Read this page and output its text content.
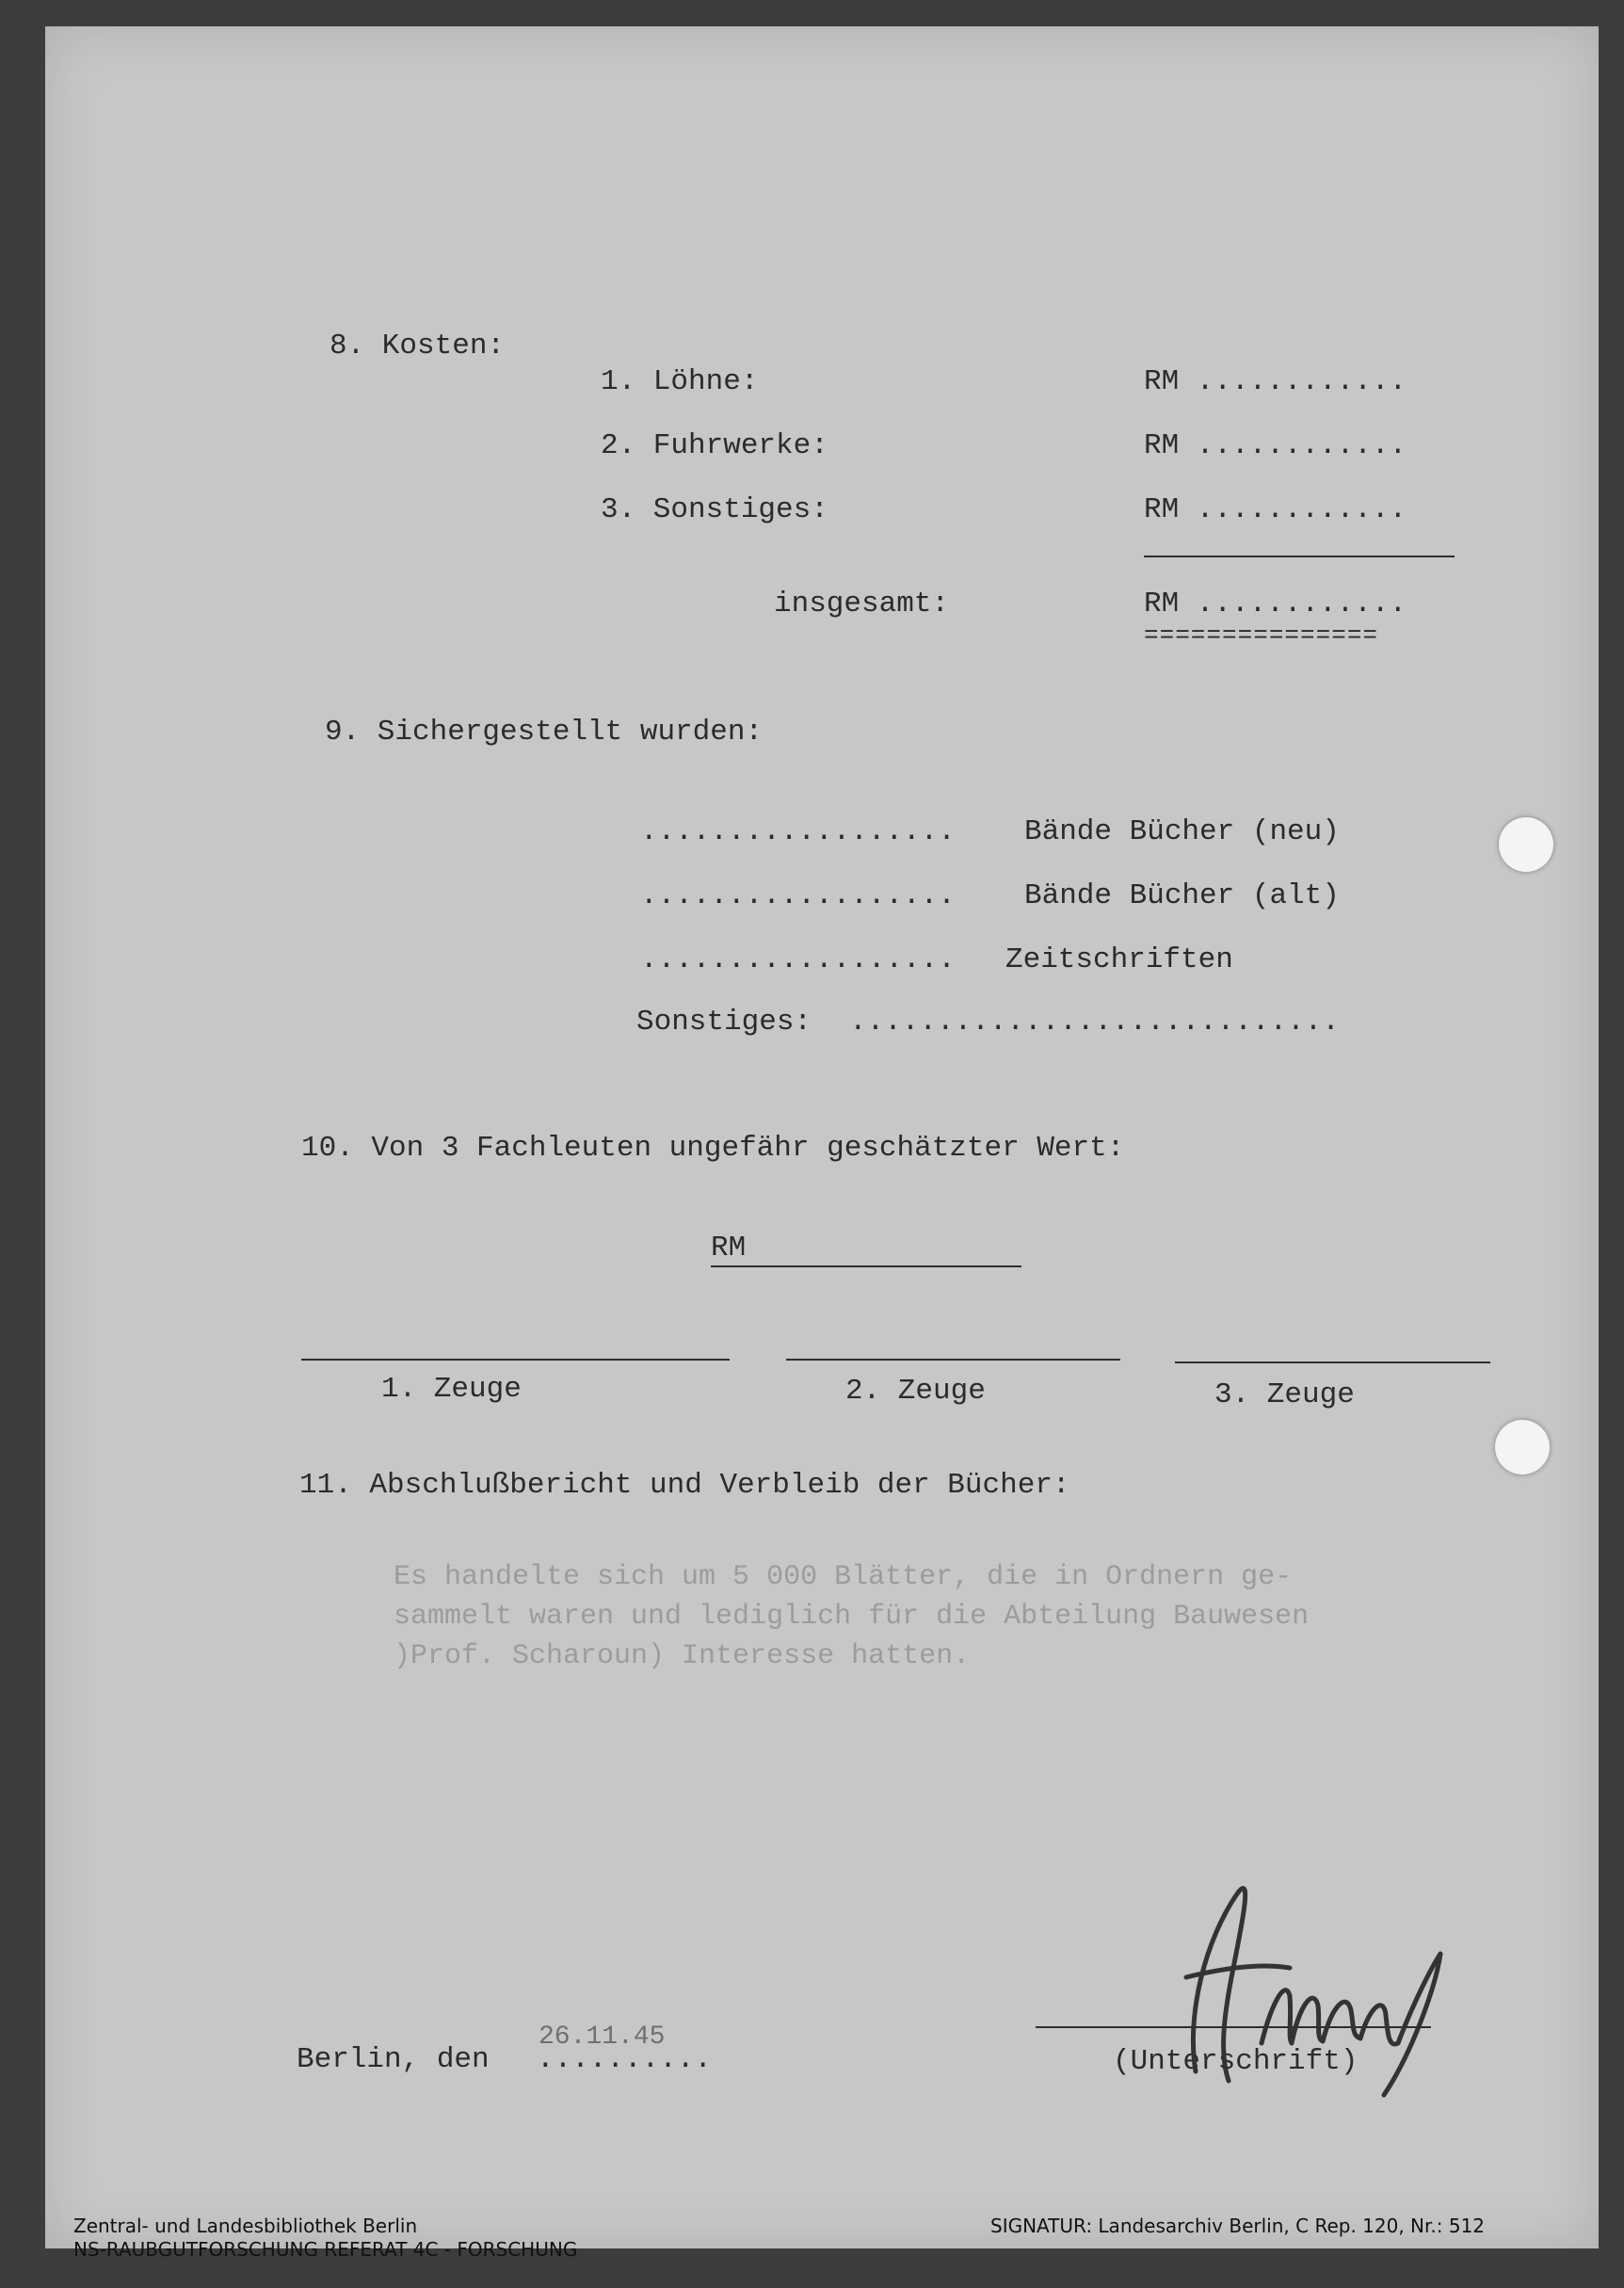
8. Kosten:
1. Löhne:	RM ............
2. Fuhrwerke:	RM ............
3. Sonstiges:	RM ............
insgesamt:	RM ............
===============
9. Sichergestellt wurden:
.................. Bände Bücher (neu)
.................. Bände Bücher (alt)
.................. Zeitschriften
Sonstiges: ............................
10. Von 3 Fachleuten ungefähr geschätzter Wert:
RM
1. Zeuge	2. Zeuge	3. Zeuge
11. Abschlußbericht und Verbleib der Bücher:
Es handelte sich um 5 000 Blätter, die in Ordnern ge-
sammelt waren und lediglich für die Abteilung Bauwesen
)Prof. Scharoun) Interesse hatten.
Berlin, den ..........
26.11.45
(Unterschrift)
Zentral- und Landesbibliothek Berlin
NS-RAUBGUTFORSCHUNG REFERAT 4C - FORSCHUNG
SIGNATUR: Landesarchiv Berlin, C Rep. 120, Nr.: 512
